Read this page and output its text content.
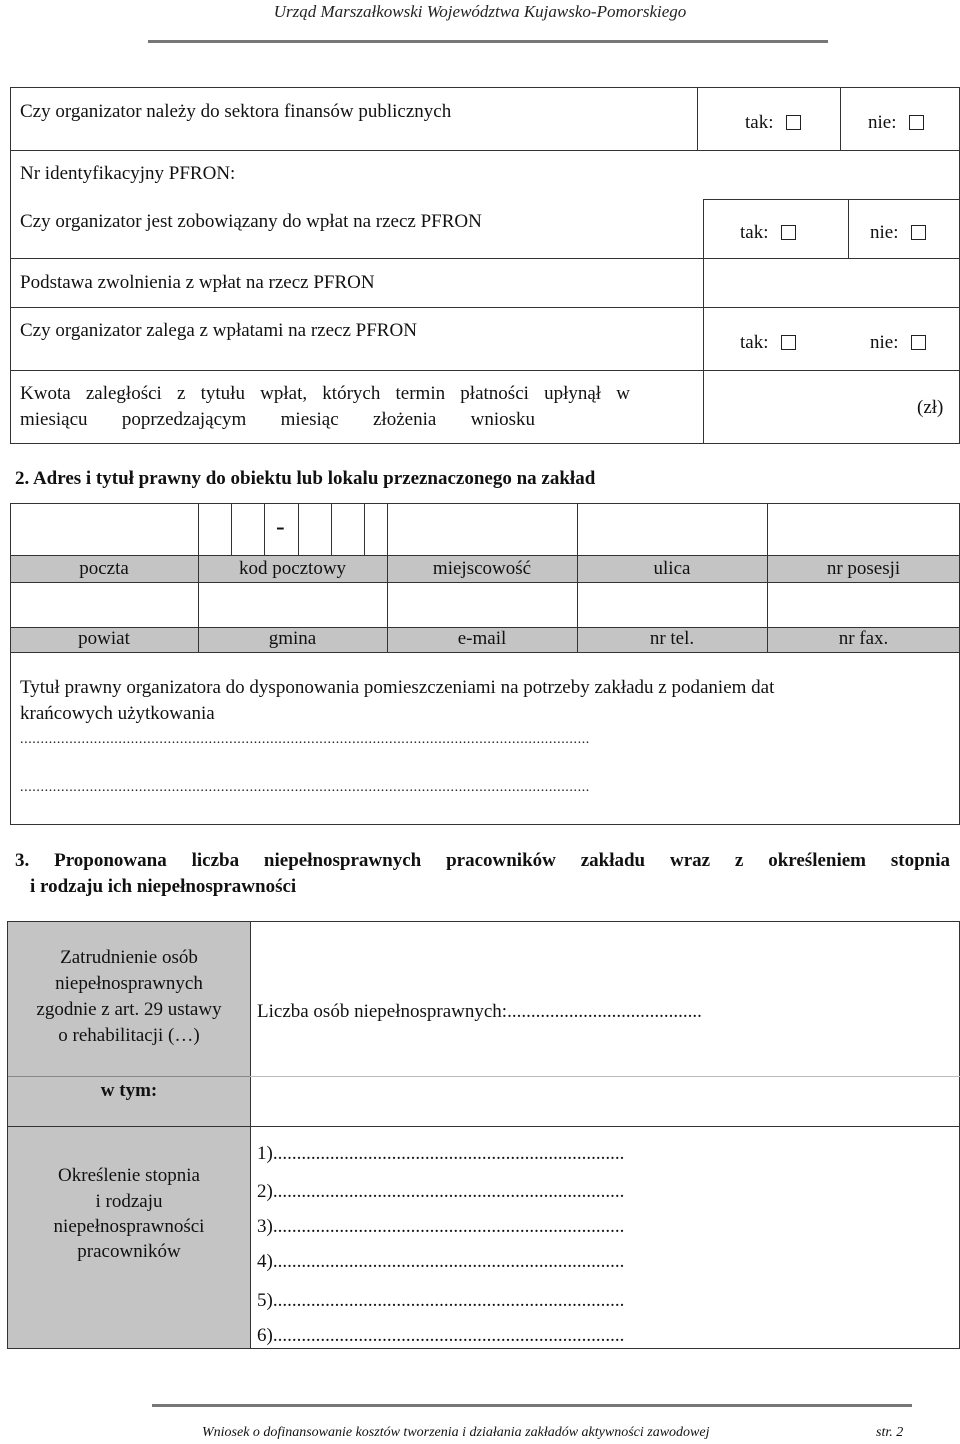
Urząd Marszałkowski Województwa Kujawsko-Pomorskiego
Czy organizator należy do sektora finansów publicznych
tak:	nie:
Nr identyfikacyjny PFRON:
Czy organizator jest zobowiązany do wpłat na rzecz PFRON
tak:	nie:
Podstawa zwolnienia z wpłat na rzecz PFRON
Czy organizator zalega z wpłatami na rzecz PFRON
tak:	nie:
Kwota zaległości z tytułu wpłat, których termin płatności upłynął w
miesiącu poprzedzającym miesiąc złożenia wniosku
(zł)
2. Adres i tytuł prawny do obiektu lub lokalu przeznaczonego na zakład
-
poczta	kod pocztowy	miejscowość	ulica	nr posesji
powiat	gmina	e-mail	nr tel.	nr fax.
Tytuł prawny organizatora do dysponowania pomieszczeniami na potrzeby zakładu z podaniem dat
krańcowych użytkowania
...........................................................................................................................................
...........................................................................................................................................
3. Proponowana liczba niepełnosprawnych pracowników zakładu wraz z określeniem stopnia
i rodzaju ich niepełnosprawności
Zatrudnienie osób
niepełnosprawnych
zgodnie z art. 29 ustawy
o rehabilitacji (…)
Liczba osób niepełnosprawnych:.........................................
w tym:
Określenie stopnia
i rodzaju
niepełnosprawności
pracowników
1)..........................................................................
2)..........................................................................
3)..........................................................................
4)..........................................................................
5)..........................................................................
6)..........................................................................
Wniosek o dofinansowanie kosztów tworzenia i działania zakładów aktywności zawodowej	str. 2
